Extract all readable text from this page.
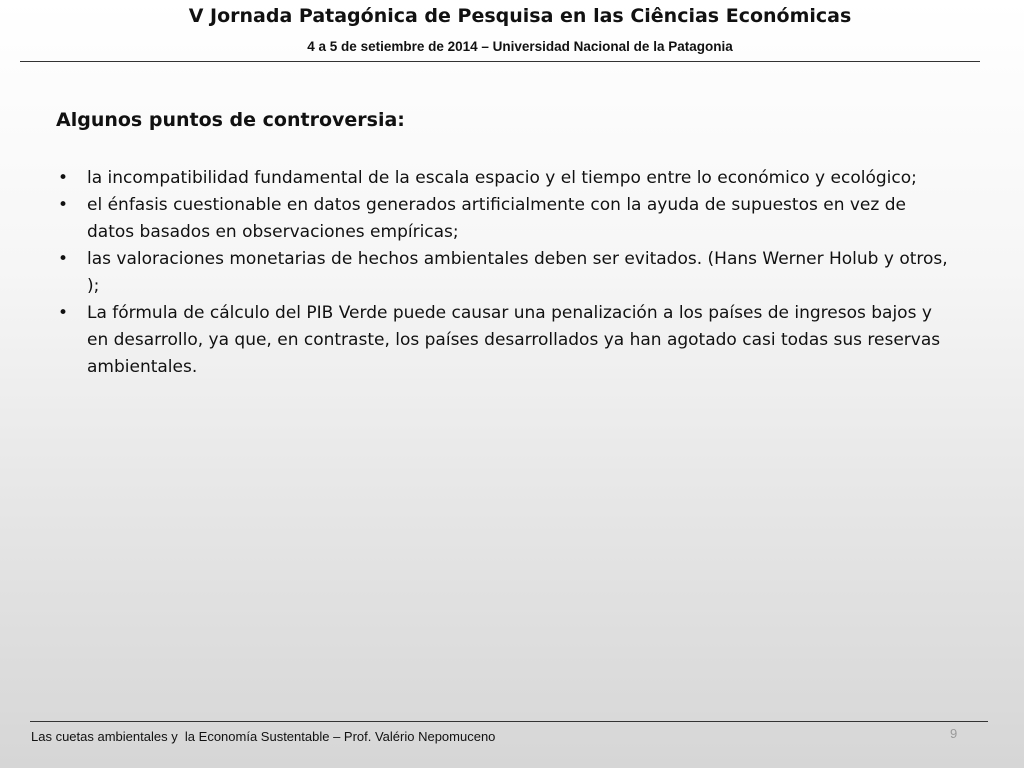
V Jornada Patagónica de Pesquisa en las Ciências Económicas
4 a 5 de setiembre de 2014 – Universidad Nacional de la Patagonia
Algunos puntos de controversia:
• la incompatibilidad fundamental de la escala espacio y el tiempo entre lo económico y ecológico;
• el énfasis cuestionable en datos generados artificialmente con la ayuda de supuestos en vez de datos basados en observaciones empíricas;
• las valoraciones monetarias de hechos ambientales deben ser evitados. (Hans Werner Holub y otros, );
• La fórmula de cálculo del PIB Verde puede causar una penalización a los países de ingresos bajos y en desarrollo, ya que, en contraste, los países desarrollados ya han agotado casi todas sus reservas ambientales.
Las cuetas ambientales y  la Economía Sustentable – Prof. Valério Nepomuceno	9
